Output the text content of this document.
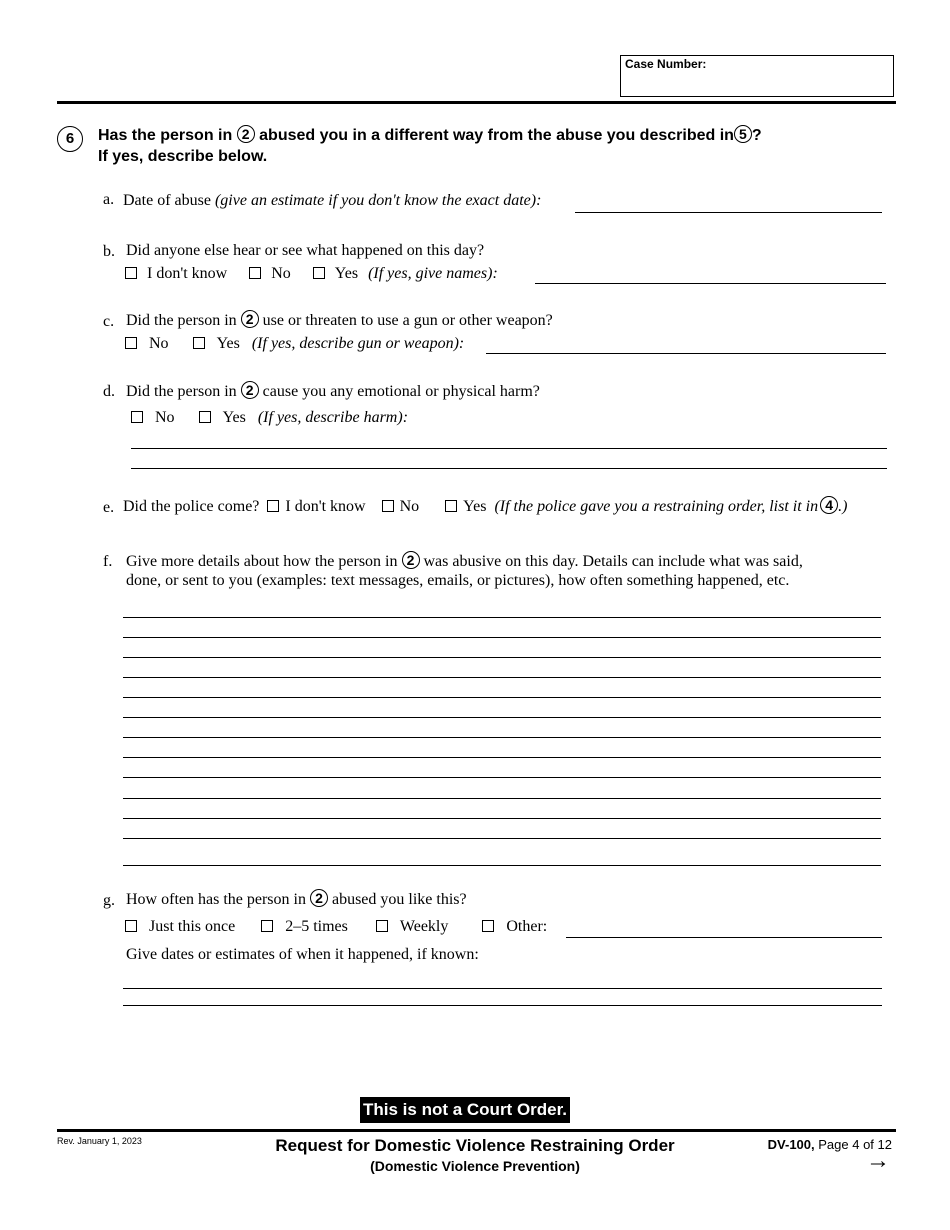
Case Number:
6	Has the person in 2 abused you in a different way from the abuse you described in 5 ?
If yes, describe below.
a. Date of abuse (give an estimate if you don't know the exact date):
b. Did anyone else hear or see what happened on this day?
I don't know	No	Yes (If yes, give names):
c. Did the person in 2 use or threaten to use a gun or other weapon?
No	Yes (If yes, describe gun or weapon):
d. Did the person in 2 cause you any emotional or physical harm?
No	Yes (If yes, describe harm):
e. Did the police come? I don't know No	Yes (If the police gave you a restraining order, list it in 4 .)
f. Give more details about how the person in 2 was abusive on this day. Details can include what was said,
done, or sent to you (examples: text messages, emails, or pictures), how often something happened, etc.
g. How often has the person in 2 abused you like this?
Just this once	2–5 times	Weekly	Other:
Give dates or estimates of when it happened, if known:
This is not a Court Order.
Rev. January 1, 2023	Request for Domestic Violence Restraining Order
(Domestic Violence Prevention)
DV-100, Page 4 of 12
→
